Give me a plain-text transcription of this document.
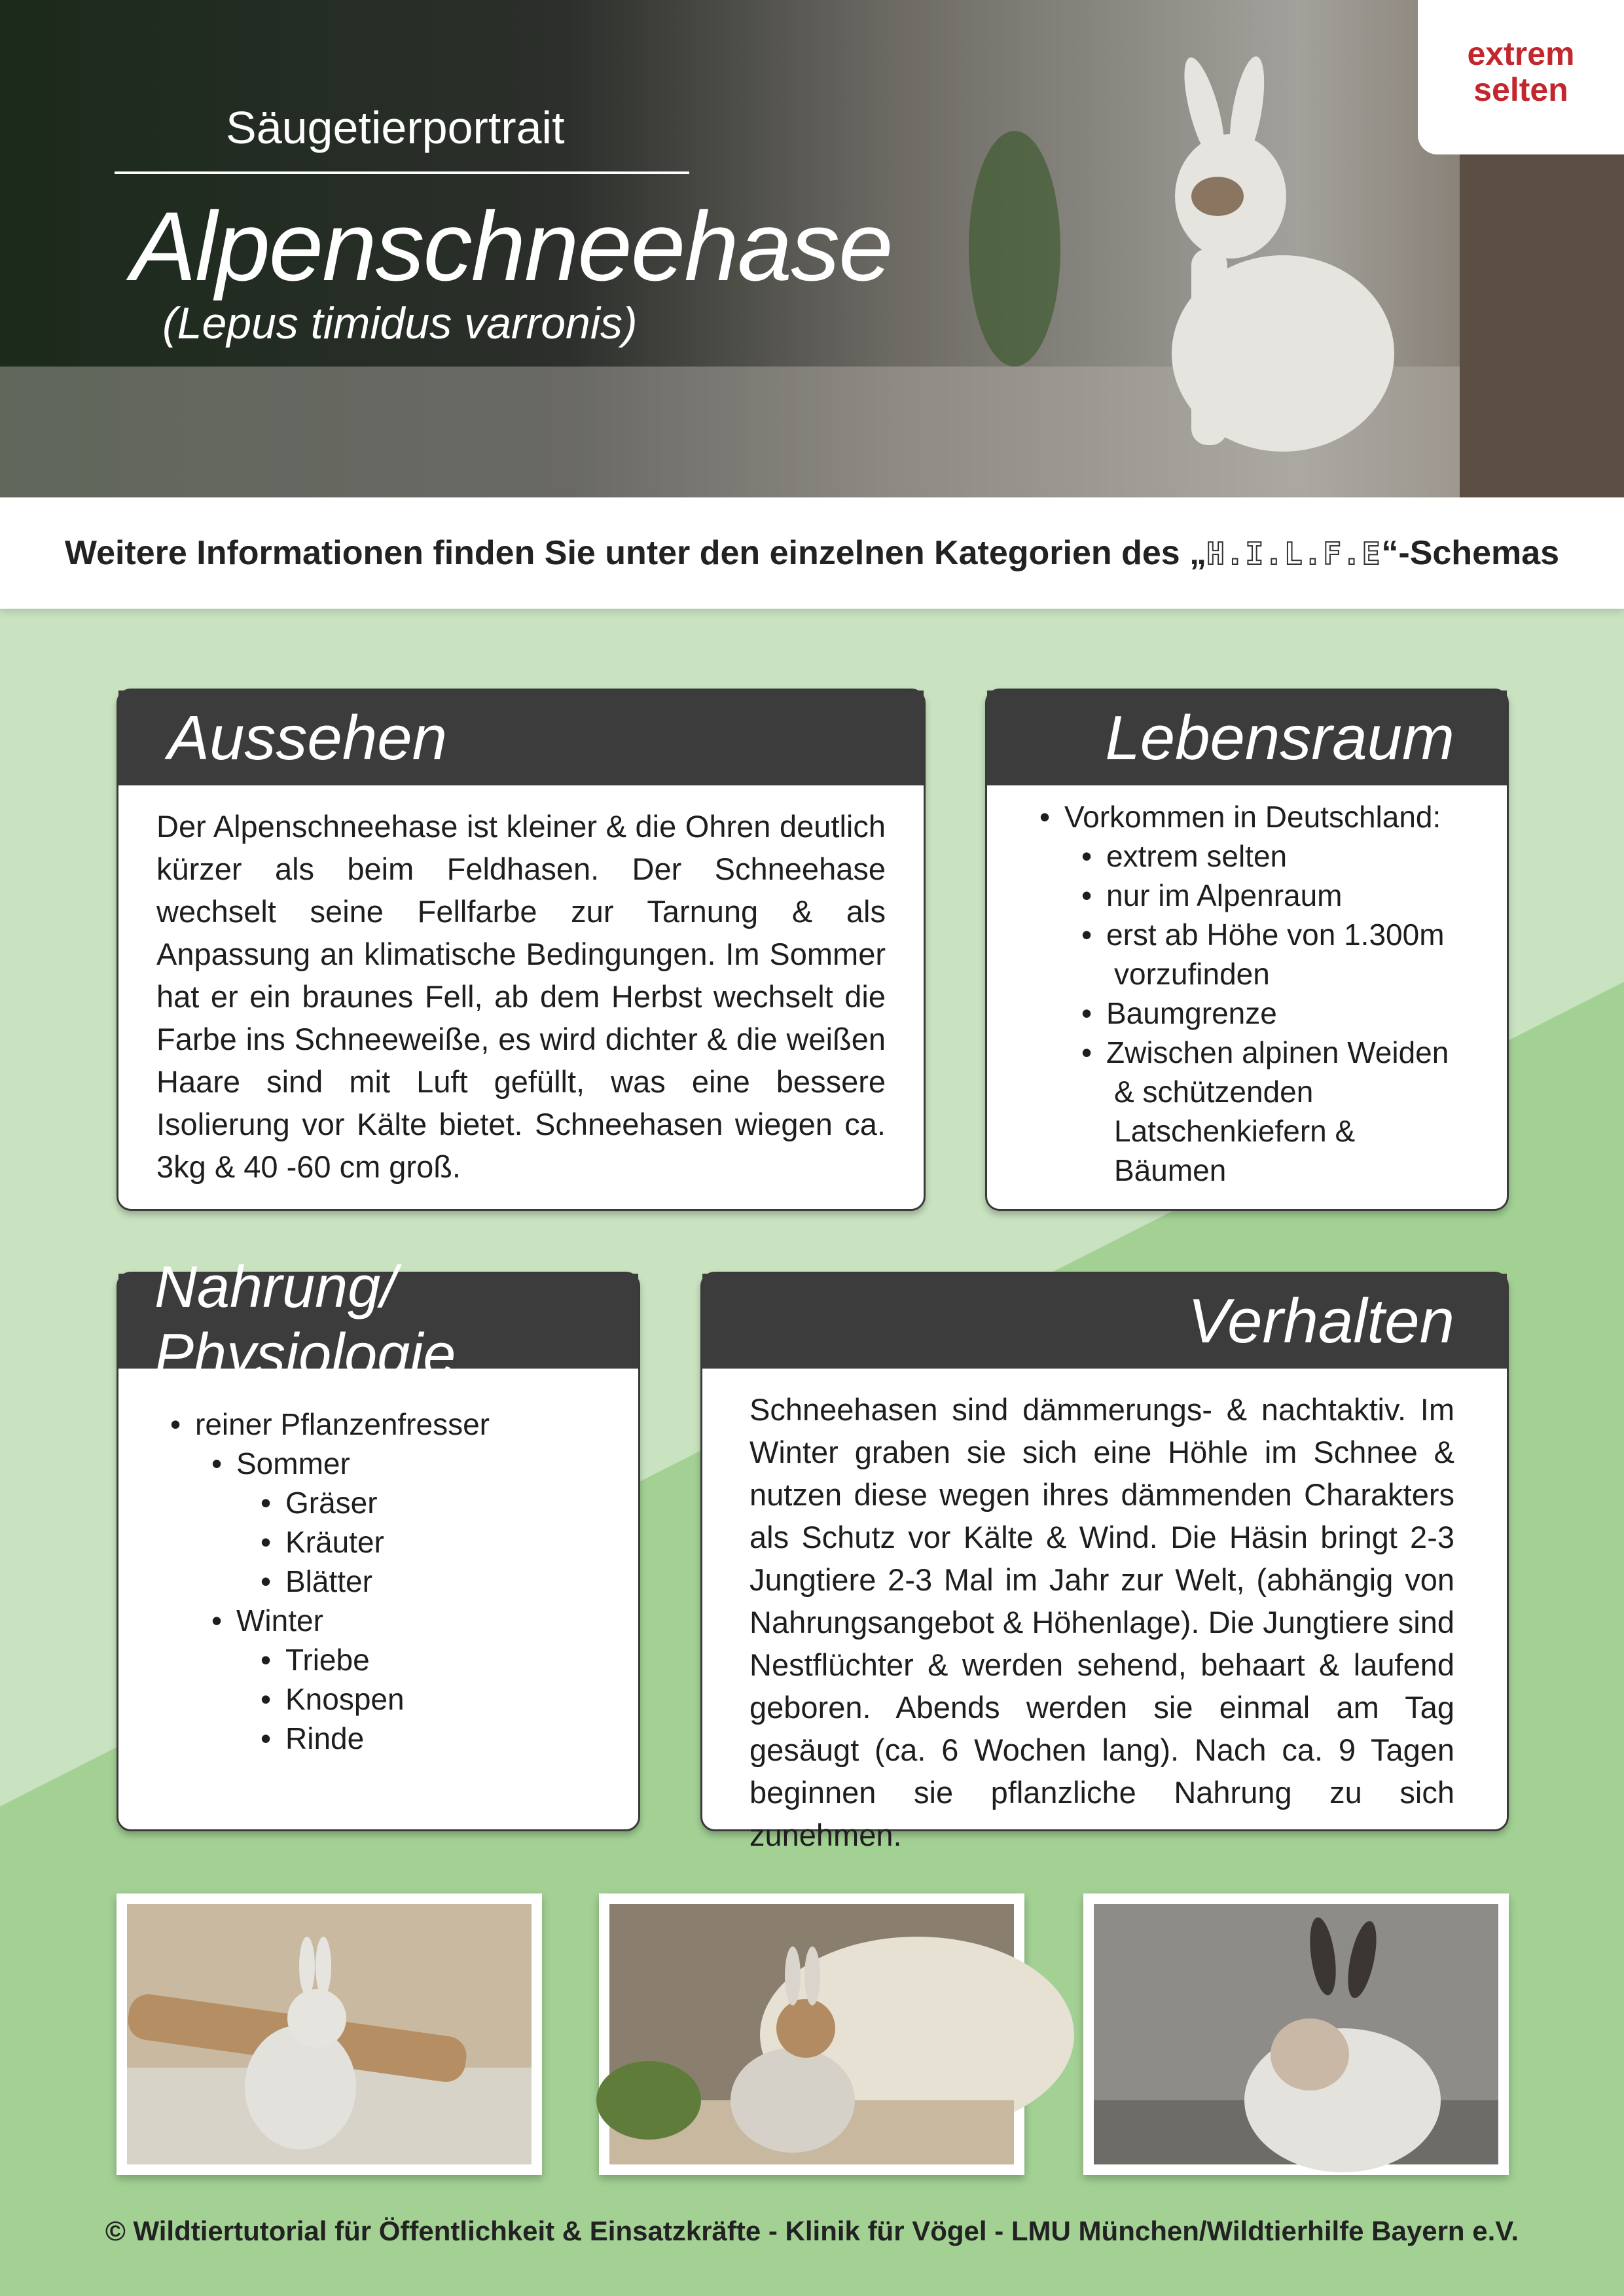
Säugetierportrait
Alpenschneehase
(Lepus timidus varronis)
extrem
selten
Weitere Informationen finden Sie unter den einzelnen Kategorien des „H.I.L.F.E“-Schemas
Aussehen
Der Alpenschneehase ist kleiner & die Ohren deutlich kürzer als beim Feldhasen. Der Schneehase wechselt seine Fellfarbe zur Tarnung & als Anpassung an klimatische Bedingungen. Im Sommer hat er ein braunes Fell, ab dem Herbst wechselt die Farbe ins Schneeweiße, es wird dichter & die weißen Haare sind mit Luft gefüllt, was eine bessere Isolierung vor Kälte bietet. Schneehasen wiegen ca. 3kg & 40 -60 cm groß.
Lebensraum
• Vorkommen in Deutschland:
• extrem selten
• nur im Alpenraum
• erst ab Höhe von 1.300m
vorzufinden
• Baumgrenze
• Zwischen alpinen Weiden
& schützenden
Latschenkiefern &
Bäumen
Nahrung/ Physiologie
• reiner Pflanzenfresser
• Sommer
• Gräser
• Kräuter
• Blätter
• Winter
• Triebe
• Knospen
• Rinde
Verhalten
Schneehasen sind dämmerungs- & nachtaktiv. Im Winter graben sie sich eine Höhle im Schnee & nutzen diese wegen ihres dämmenden Charakters als Schutz vor Kälte & Wind. Die Häsin bringt 2-3 Jungtiere 2-3 Mal im Jahr zur Welt, (abhängig von Nahrungsangebot & Höhenlage). Die Jungtiere sind Nestflüchter & werden sehend, behaart & laufend geboren. Abends werden sie einmal am Tag gesäugt (ca. 6 Wochen lang). Nach ca. 9 Tagen beginnen sie pflanzliche Nahrung zu sich zunehmen.
© Wildtiertutorial für Öffentlichkeit & Einsatzkräfte - Klinik für Vögel - LMU München/Wildtierhilfe Bayern e.V.
